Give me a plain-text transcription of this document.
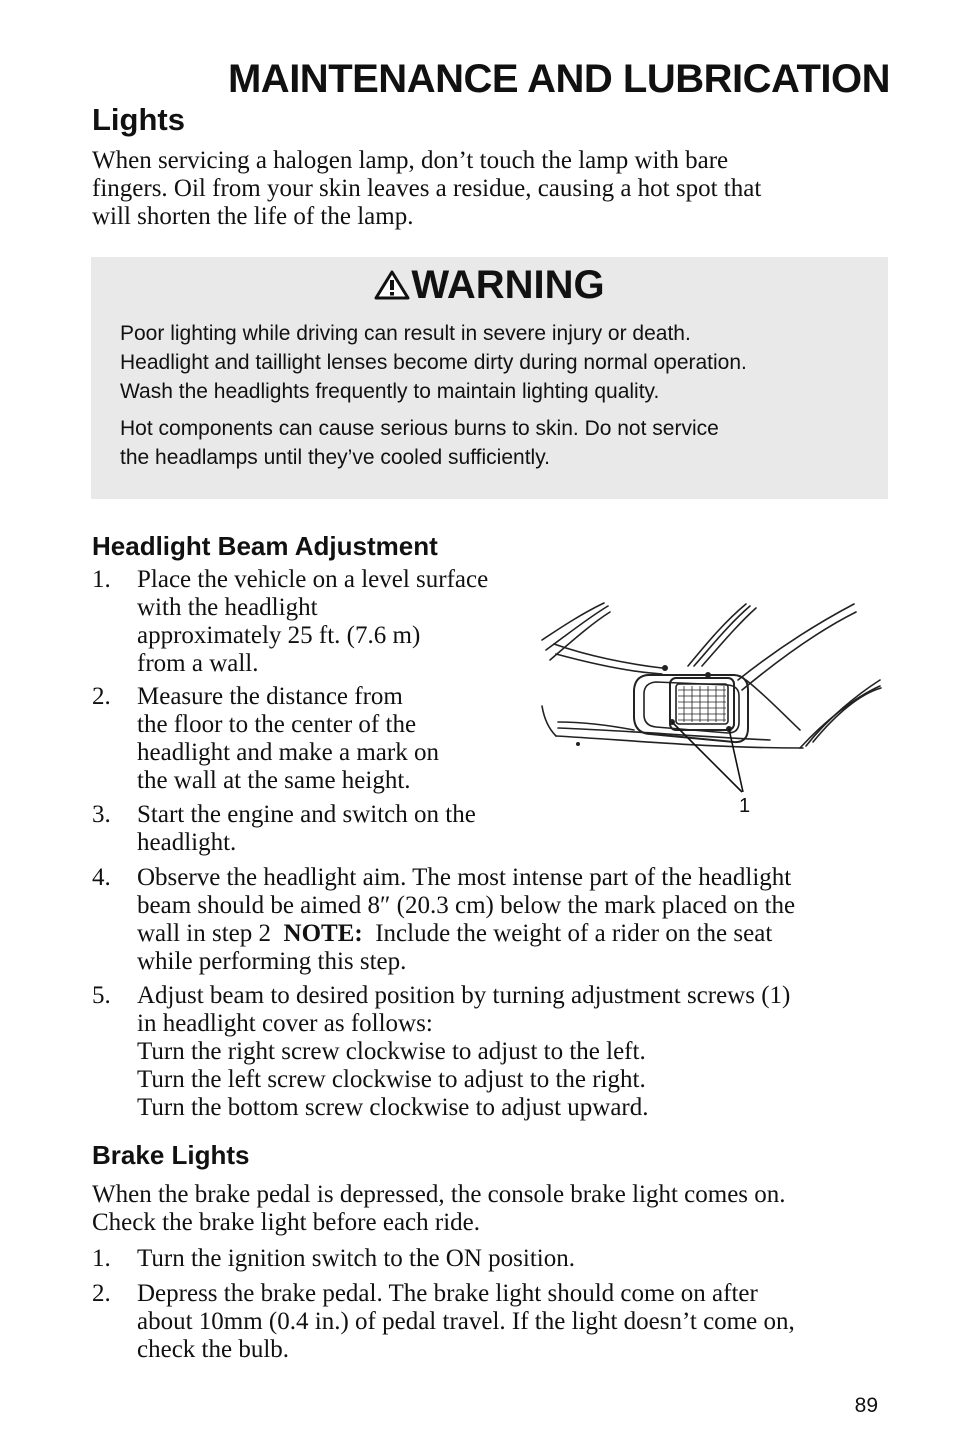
MAINTENANCE AND LUBRICATION
Lights
When servicing a halogen lamp, don’t touch the lamp with bare
fingers. Oil from your skin leaves a residue, causing a hot spot that
will shorten the life of the lamp.
WARNING

Poor lighting while driving can result in severe injury or death.
Headlight and taillight lenses become dirty during normal operation.
Wash the headlights frequently to maintain lighting quality.

Hot components can cause serious burns to skin. Do not service
the headlamps until they’ve cooled sufficiently.

Headlight Beam Adjustment
1. Place the vehicle on a level surface
with the headlight
approximately 25 ft. (7.6 m)
from a wall.
2. Measure the distance from
the floor to the center of the
headlight and make a mark on
the wall at the same height.
3. Start the engine and switch on the
headlight.
4. Observe the headlight aim. The most intense part of the headlight
beam should be aimed 8″ (20.3 cm) below the mark placed on the
wall in step 2  NOTE:  Include the weight of a rider on the seat
while performing this step.
5. Adjust beam to desired position by turning adjustment screws (1)
in headlight cover as follows:
Turn the right screw clockwise to adjust to the left.
Turn the left screw clockwise to adjust to the right.
Turn the bottom screw clockwise to adjust upward.
1
Brake Lights
When the brake pedal is depressed, the console brake light comes on.
Check the brake light before each ride.
1. Turn the ignition switch to the ON position.
2. Depress the brake pedal. The brake light should come on after
about 10mm (0.4 in.) of pedal travel. If the light doesn’t come on,
check the bulb.
89
